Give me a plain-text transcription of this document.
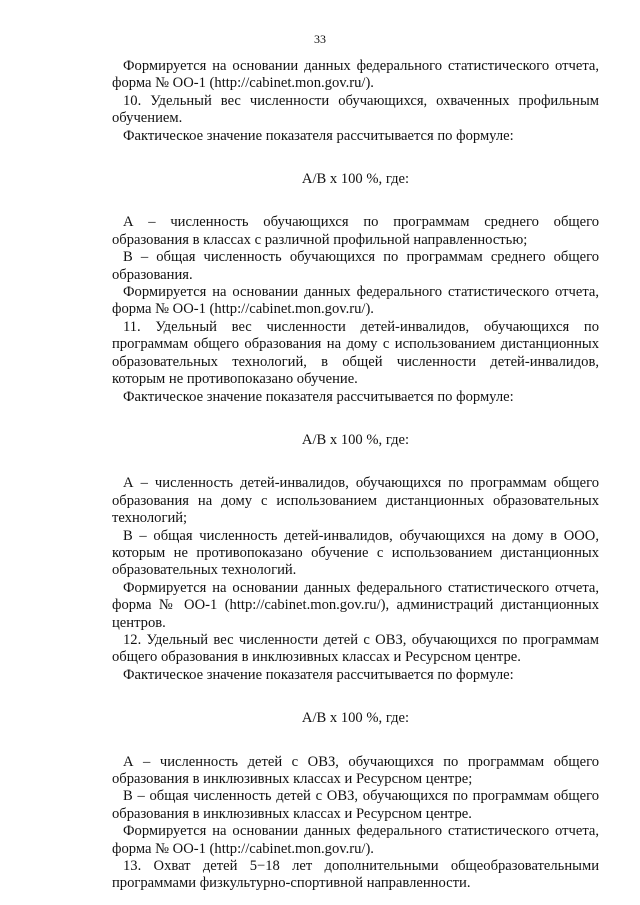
33

Формируется на основании данных федерального статистического отчета, форма № ОО-1 (http://cabinet.mon.gov.ru/).

10. Удельный вес численности обучающихся, охваченных профильным обучением.

Фактическое значение показателя рассчитывается по формуле:

А/В х 100 %, где:

А – численность обучающихся по программам среднего общего образования в классах с различной профильной направленностью;

В – общая численность обучающихся по программам среднего общего образования.

Формируется на основании данных федерального статистического отчета, форма № ОО-1 (http://cabinet.mon.gov.ru/).

11. Удельный вес численности детей-инвалидов, обучающихся по программам общего образования на дому с использованием дистанционных образовательных технологий, в общей численности детей-инвалидов, которым не противопоказано обучение.

Фактическое значение показателя рассчитывается по формуле:

А/В х 100 %, где:

А – численность детей-инвалидов, обучающихся по программам общего образования на дому с использованием дистанционных образовательных технологий;

В – общая численность детей-инвалидов, обучающихся на дому в ООО, которым не противопоказано обучение с использованием дистанционных образовательных технологий.

Формируется на основании данных федерального статистического отчета, форма № ОО-1 (http://cabinet.mon.gov.ru/), администраций дистанционных центров.

12. Удельный вес численности детей с ОВЗ, обучающихся по программам общего образования в инклюзивных классах и Ресурсном центре.

Фактическое значение показателя рассчитывается по формуле:

А/В х 100 %, где:

А – численность детей с ОВЗ, обучающихся по программам общего образования в инклюзивных классах и Ресурсном центре;

В – общая численность детей с ОВЗ, обучающихся по программам общего образования в инклюзивных классах и Ресурсном центре.

Формируется на основании данных федерального статистического отчета, форма № ОО-1 (http://cabinet.mon.gov.ru/).

13. Охват детей 5−18 лет дополнительными общеобразовательными программами физкультурно-спортивной направленности.
